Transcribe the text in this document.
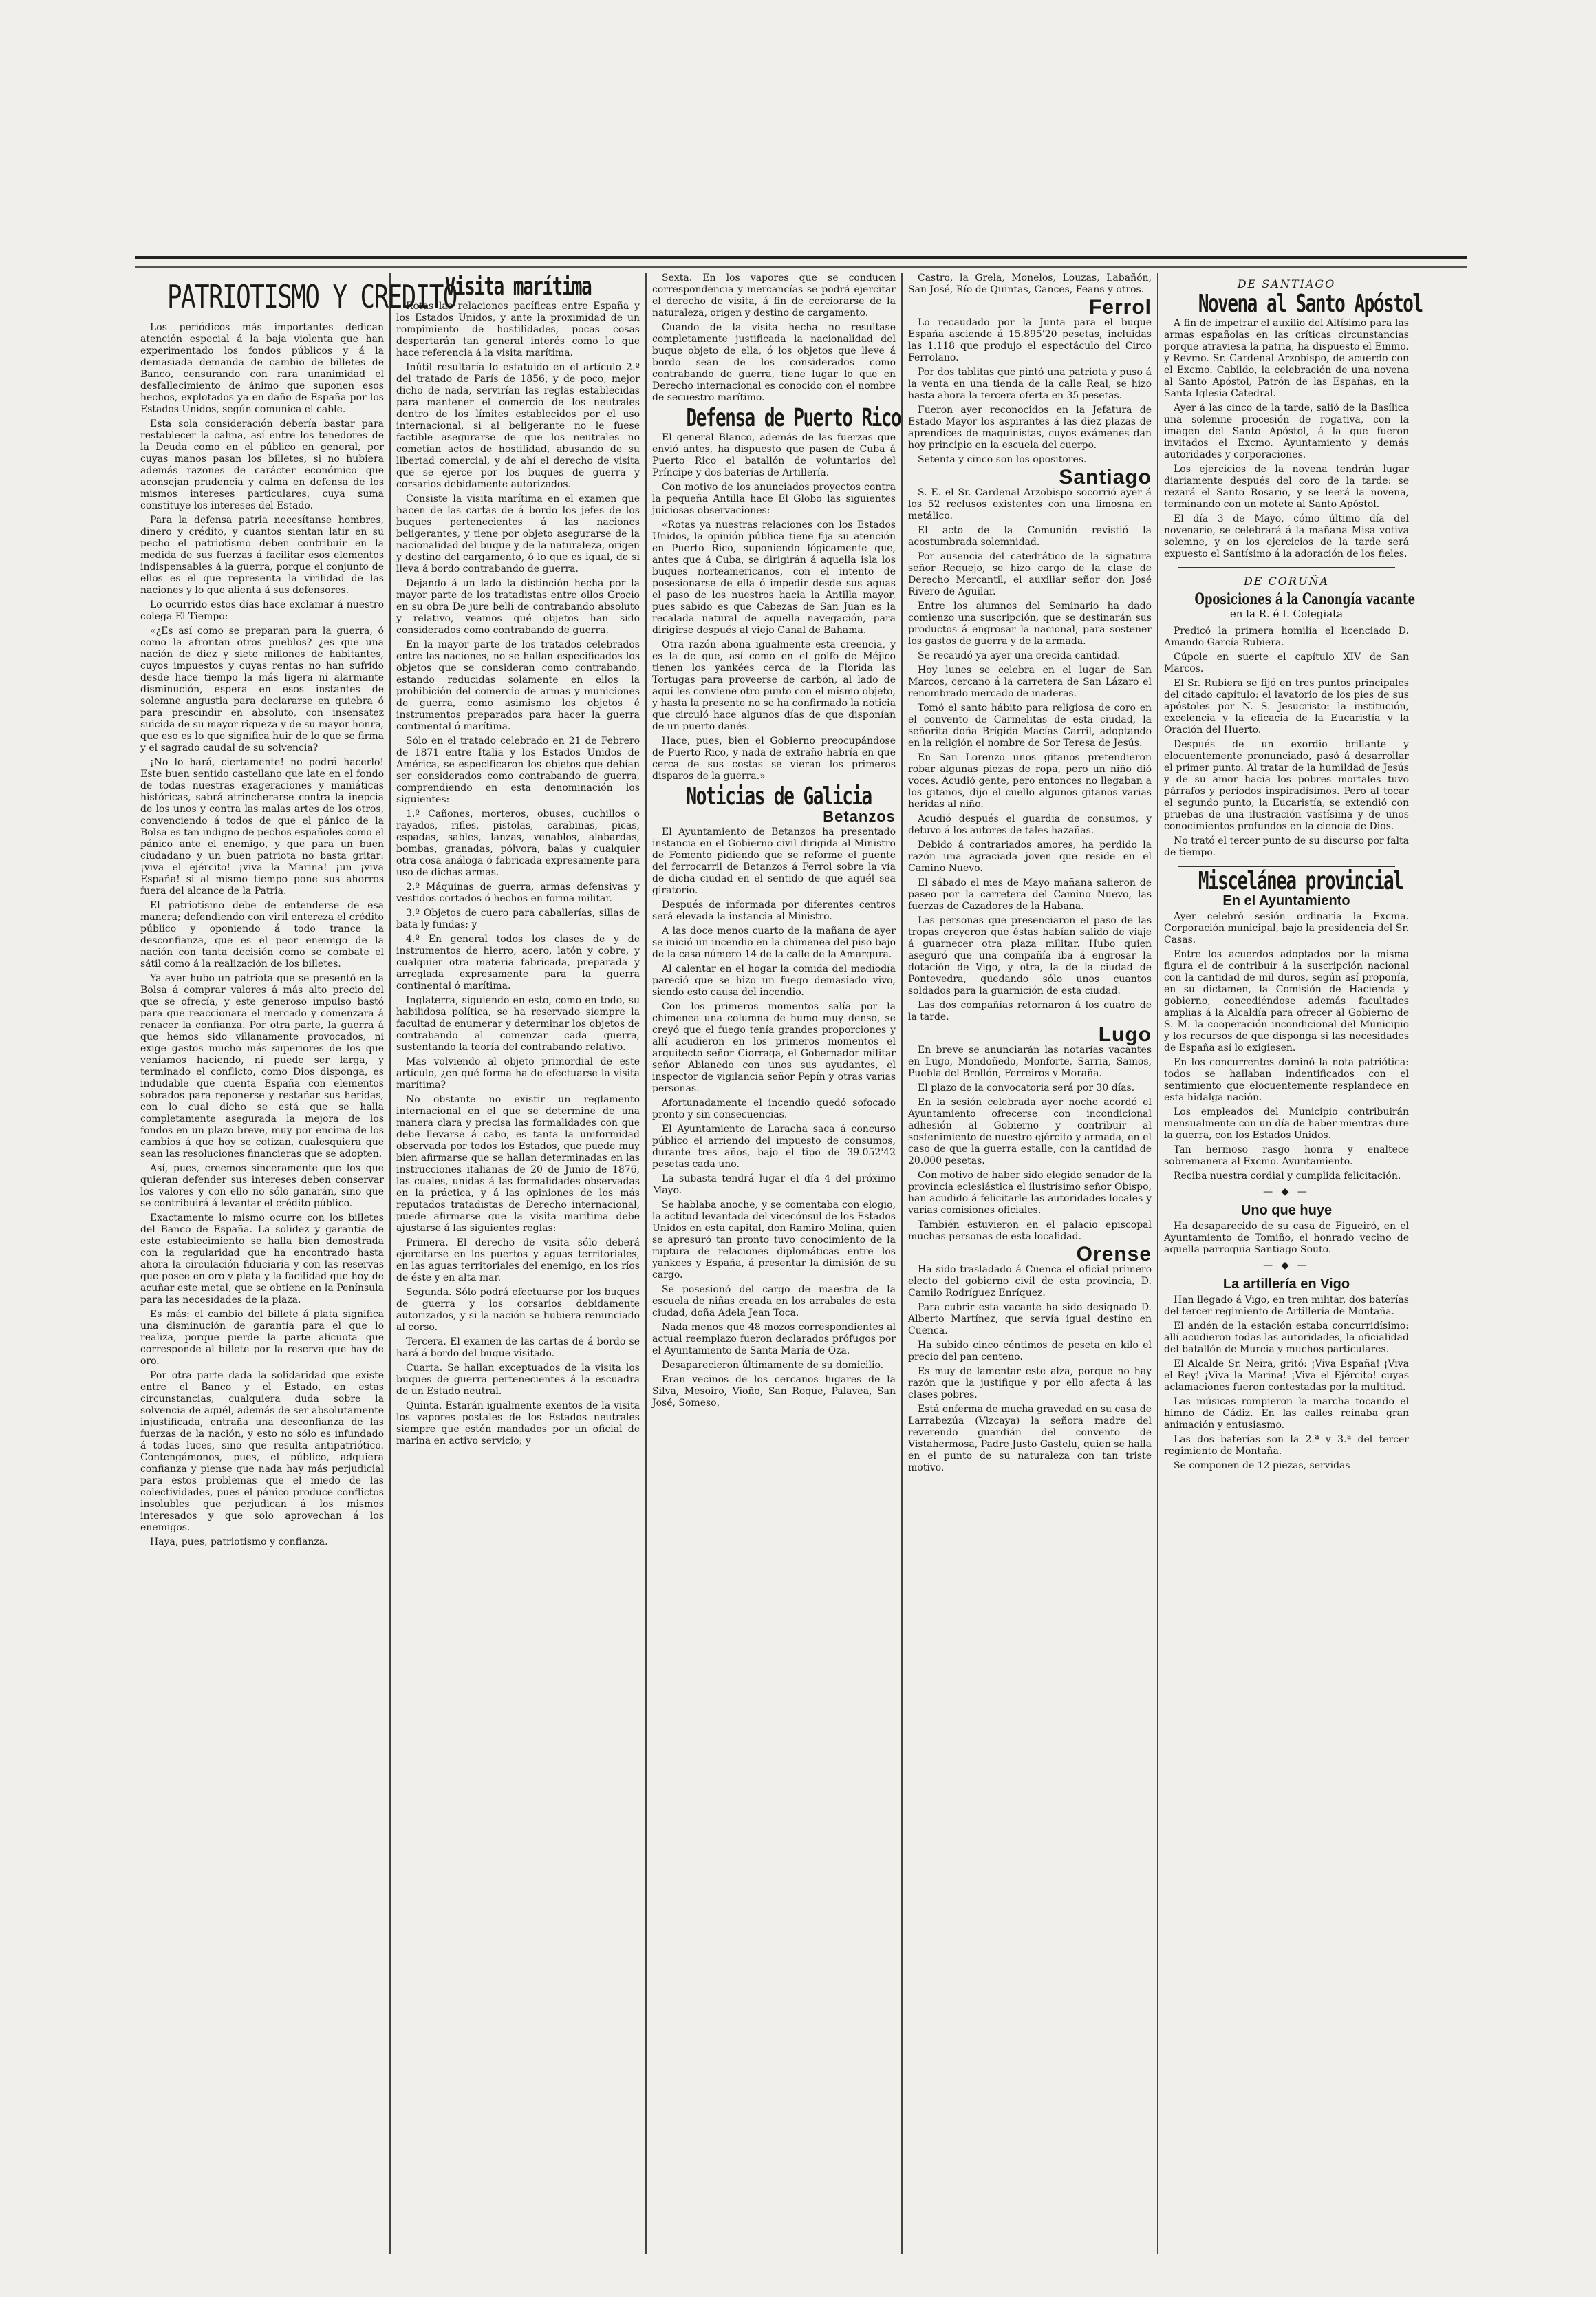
PATRIOTISMO Y CREDITO

Los periódicos más importantes dedican atención especial á la baja violenta que han experimentado los fondos públicos y á la demasiada demanda de cambio de billetes de Banco, censurando con rara unanimidad el desfallecimiento de ánimo que suponen esos hechos, explotados ya en daño de España por los Estados Unidos, según comunica el cable.

Esta sola consideración debería bastar para restablecer la calma, así entre los tenedores de la Deuda como en el público en general, por cuyas manos pasan los billetes, si no hubiera además razones de carácter económico que aconsejan prudencia y calma en defensa de los mismos intereses particulares, cuya suma constituye los intereses del Estado.

Para la defensa patria necesítanse hombres, dinero y crédito, y cuantos sientan latir en su pecho el patriotismo deben contribuir en la medida de sus fuerzas á facilitar esos elementos indispensables á la guerra, porque el conjunto de ellos es el que representa la virilidad de las naciones y lo que alienta á sus defensores.

Lo ocurrido estos días hace exclamar á nuestro colega El Tiempo:

«¿Es así como se preparan para la guerra, ó como la afrontan otros pueblos? ¿es que una nación de diez y siete millones de habitantes, cuyos impuestos y cuyas rentas no han sufrido desde hace tiempo la más ligera ni alarmante disminución, espera en esos instantes de solemne angustia para declararse en quiebra ó para prescindir en absoluto, con insensatez suicida de su mayor riqueza y de su mayor honra, que eso es lo que significa huir de lo que se firma y el sagrado caudal de su solvencia?

¡No lo hará, ciertamente! no podrá hacerlo! Este buen sentido castellano que late en el fondo de todas nuestras exageraciones y maniáticas históricas, sabrá atrincherarse contra la inepcia de los unos y contra las malas artes de los otros, convenciendo á todos de que el pánico de la Bolsa es tan indigno de pechos españoles como el pánico ante el enemigo, y que para un buen ciudadano y un buen patriota no basta gritar: ¡viva el ejército! ¡viva la Marina! ¡un ¡viva España! si al mismo tiempo pone sus ahorros fuera del alcance de la Patria.

El patriotismo debe de entenderse de esa manera; defendiendo con viril entereza el crédito público y oponiendo á todo trance la desconfianza, que es el peor enemigo de la nación con tanta decisión como se combate el sátil como á la realización de los billetes.

Ya ayer hubo un patriota que se presentó en la Bolsa á comprar valores á más alto precio del que se ofrecía, y este generoso impulso bastó para que reaccionara el mercado y comenzara á renacer la confianza. Por otra parte, la guerra á que hemos sido villanamente provocados, ni exige gastos mucho más superiores de los que veníamos haciendo, ni puede ser larga, y terminado el conflicto, como Dios disponga, es indudable que cuenta España con elementos sobrados para reponerse y restañar sus heridas, con lo cual dicho se está que se halla completamente asegurada la mejora de los fondos en un plazo breve, muy por encima de los cambios á que hoy se cotizan, cualesquiera que sean las resoluciones financieras que se adopten.

Así, pues, creemos sinceramente que los que quieran defender sus intereses deben conservar los valores y con ello no sólo ganarán, sino que se contribuirá á levantar el crédito público.

Exactamente lo mismo ocurre con los billetes del Banco de España. La solidez y garantía de este establecimiento se halla bien demostrada con la regularidad que ha encontrado hasta ahora la circulación fiduciaria y con las reservas que posee en oro y plata y la facilidad que hoy de acuñar este metal, que se obtiene en la Península para las necesidades de la plaza.

Es más: el cambio del billete á plata significa una disminución de garantía para el que lo realiza, porque pierde la parte alícuota que corresponde al billete por la reserva que hay de oro.

Por otra parte dada la solidaridad que existe entre el Banco y el Estado, en estas circunstancias, cualquiera duda sobre la solvencia de aquél, además de ser absolutamente injustificada, entraña una desconfianza de las fuerzas de la nación, y esto no sólo es infundado á todas luces, sino que resulta antipatriótico. Contengámonos, pues, el público, adquiera confianza y piense que nada hay más perjudicial para estos problemas que el miedo de las colectividades, pues el pánico produce conflictos insolubles que perjudican á los mismos interesados y que solo aprovechan á los enemigos.

Haya, pues, patriotismo y confianza.

Visita marítima

Rotas las relaciones pacíficas entre España y los Estados Unidos, y ante la proximidad de un rompimiento de hostilidades, pocas cosas despertarán tan general interés como lo que hace referencia á la visita marítima.

Inútil resultaría lo estatuido en el artículo 2.º del tratado de París de 1856, y de poco, mejor dicho de nada, servirían las reglas establecidas para mantener el comercio de los neutrales dentro de los límites establecidos por el uso internacional, si al beligerante no le fuese factible asegurarse de que los neutrales no cometían actos de hostilidad, abusando de su libertad comercial, y de ahí el derecho de visita que se ejerce por los buques de guerra y corsarios debidamente autorizados.

Consiste la visita marítima en el examen que hacen de las cartas de á bordo los jefes de los buques pertenecientes á las naciones beligerantes, y tiene por objeto asegurarse de la nacionalidad del buque y de la naturaleza, origen y destino del cargamento, ó lo que es igual, de si lleva á bordo contrabando de guerra.

Dejando á un lado la distinción hecha por la mayor parte de los tratadistas entre ollos Grocio en su obra De jure belli de contrabando absoluto y relativo, veamos qué objetos han sido considerados como contrabando de guerra.

En la mayor parte de los tratados celebrados entre las naciones, no se hallan especificados los objetos que se consideran como contrabando, estando reducidas solamente en ellos la prohibición del comercio de armas y municiones de guerra, como asimismo los objetos é instrumentos preparados para hacer la guerra continental ó marítima.

Sólo en el tratado celebrado en 21 de Febrero de 1871 entre Italia y los Estados Unidos de América, se especificaron los objetos que debían ser considerados como contrabando de guerra, comprendiendo en esta denominación los siguientes:

1.º Cañones, morteros, obuses, cuchillos o rayados, rifles, pistolas, carabinas, picas, espadas, sables, lanzas, venablos, alabardas, bombas, granadas, pólvora, balas y cualquier otra cosa análoga ó fabricada expresamente para uso de dichas armas.

2.º Máquinas de guerra, armas defensivas y vestidos cortados ó hechos en forma militar.

3.º Objetos de cuero para caballerías, sillas de bata ly fundas; y

4.º En general todos los clases de y de instrumentos de hierro, acero, latón y cobre, y cualquier otra materia fabricada, preparada y arreglada expresamente para la guerra continental ó marítima.

Inglaterra, siguiendo en esto, como en todo, su habilidosa política, se ha reservado siempre la facultad de enumerar y determinar los objetos de contrabando al comenzar cada guerra, sustentando la teoría del contrabando relativo.

Mas volviendo al objeto primordial de este artículo, ¿en qué forma ha de efectuarse la visita marítima?

No obstante no existir un reglamento internacional en el que se determine de una manera clara y precisa las formalidades con que debe llevarse á cabo, es tanta la uniformidad observada por todos los Estados, que puede muy bien afirmarse que se hallan determinadas en las instrucciones italianas de 20 de Junio de 1876, las cuales, unidas á las formalidades observadas en la práctica, y á las opiniones de los más reputados tratadistas de Derecho internacional, puede afirmarse que la visita marítima debe ajustarse á las siguientes reglas:

Primera. El derecho de visita sólo deberá ejercitarse en los puertos y aguas territoriales, en las aguas territoriales del enemigo, en los ríos de éste y en alta mar.

Segunda. Sólo podrá efectuarse por los buques de guerra y los corsarios debidamente autorizados, y si la nación se hubiera renunciado al corso.

Tercera. El examen de las cartas de á bordo se hará á bordo del buque visitado.

Cuarta. Se hallan exceptuados de la visita los buques de guerra pertenecientes á la escuadra de un Estado neutral.

Quinta. Estarán igualmente exentos de la visita los vapores postales de los Estados neutrales siempre que estén mandados por un oficial de marina en activo servicio; y

Sexta. En los vapores que se conducen correspondencia y mercancías se podrá ejercitar el derecho de visita, á fin de cerciorarse de la naturaleza, origen y destino de cargamento.

Cuando de la visita hecha no resultase completamente justificada la nacionalidad del buque objeto de ella, ó los objetos que lleve á bordo sean de los considerados como contrabando de guerra, tiene lugar lo que en Derecho internacional es conocido con el nombre de secuestro marítimo.

Defensa de Puerto Rico

El general Blanco, además de las fuerzas que envió antes, ha dispuesto que pasen de Cuba á Puerto Rico el batallón de voluntarios del Príncipe y dos baterías de Artillería.

Con motivo de los anunciados proyectos contra la pequeña Antilla hace El Globo las siguientes juiciosas observaciones:

«Rotas ya nuestras relaciones con los Estados Unidos, la opinión pública tiene fija su atención en Puerto Rico, suponiendo lógicamente que, antes que á Cuba, se dirigirán á aquella isla los buques norteamericanos, con el intento de posesionarse de ella ó impedir desde sus aguas el paso de los nuestros hacia la Antilla mayor, pues sabido es que Cabezas de San Juan es la recalada natural de aquella navegación, para dirigirse después al viejo Canal de Bahama.

Otra razón abona igualmente esta creencia, y es la de que, así como en el golfo de Méjico tienen los yankées cerca de la Florida las Tortugas para proveerse de carbón, al lado de aquí les conviene otro punto con el mismo objeto, y hasta la presente no se ha confirmado la noticia que circuló hace algunos días de que disponían de un puerto danés.

Hace, pues, bien el Gobierno preocupándose de Puerto Rico, y nada de extraño habría en que cerca de sus costas se vieran los primeros disparos de la guerra.»

Noticias de Galicia
Betanzos

El Ayuntamiento de Betanzos ha presentado instancia en el Gobierno civil dirigida al Ministro de Fomento pidiendo que se reforme el puente del ferrocarril de Betanzos á Ferrol sobre la vía de dicha ciudad en el sentido de que aquél sea giratorio.

Después de informada por diferentes centros será elevada la instancia al Ministro.

A las doce menos cuarto de la mañana de ayer se inició un incendio en la chimenea del piso bajo de la casa número 14 de la calle de la Amargura.

Al calentar en el hogar la comida del mediodía pareció que se hizo un fuego demasiado vivo, siendo esto causa del incendio.

Con los primeros momentos salía por la chimenea una columna de humo muy denso, se creyó que el fuego tenía grandes proporciones y allí acudieron en los primeros momentos el arquitecto señor Ciorraga, el Gobernador militar señor Ablanedo con unos sus ayudantes, el inspector de vigilancia señor Pepín y otras varias personas.

Afortunadamente el incendio quedó sofocado pronto y sin consecuencias.

El Ayuntamiento de Laracha saca á concurso público el arriendo del impuesto de consumos, durante tres años, bajo el tipo de 39.052'42 pesetas cada uno.

La subasta tendrá lugar el día 4 del próximo Mayo.

Se hablaba anoche, y se comentaba con elogio, la actitud levantada del vicecónsul de los Estados Unidos en esta capital, don Ramiro Molina, quien se apresuró tan pronto tuvo conocimiento de la ruptura de relaciones diplomáticas entre los yankees y España, á presentar la dimisión de su cargo.

Se posesionó del cargo de maestra de la escuela de niñas creada en los arrabales de esta ciudad, doña Adela Jean Toca.

Nada menos que 48 mozos correspondientes al actual reemplazo fueron declarados prófugos por el Ayuntamiento de Santa María de Oza.

Desaparecieron últimamente de su domicilio.

Eran vecinos de los cercanos lugares de la Silva, Mesoiro, Vioño, San Roque, Palavea, San José, Someso,

Castro, la Grela, Monelos, Louzas, Labañón, San José, Río de Quintas, Cances, Feans y otros.

Ferrol

Lo recaudado por la Junta para el buque España asciende á 15.895'20 pesetas, incluidas las 1.118 que produjo el espectáculo del Circo Ferrolano.

Por dos tablitas que pintó una patriota y puso á la venta en una tienda de la calle Real, se hizo hasta ahora la tercera oferta en 35 pesetas.

Fueron ayer reconocidos en la Jefatura de Estado Mayor los aspirantes á las diez plazas de aprendices de maquinistas, cuyos exámenes dan hoy principio en la escuela del cuerpo.

Setenta y cinco son los opositores.

Santiago

S. E. el Sr. Cardenal Arzobispo socorrió ayer á los 52 reclusos existentes con una limosna en metálico.

El acto de la Comunión revistió la acostumbrada solemnidad.

Por ausencia del catedrático de la signatura señor Requejo, se hizo cargo de la clase de Derecho Mercantil, el auxiliar señor don José Rivero de Aguilar.

Entre los alumnos del Seminario ha dado comienzo una suscripción, que se destinarán sus productos á engrosar la nacional, para sostener los gastos de guerra y de la armada.

Se recaudó ya ayer una crecida cantidad.

Hoy lunes se celebra en el lugar de San Marcos, cercano á la carretera de San Lázaro el renombrado mercado de maderas.

Tomó el santo hábito para religiosa de coro en el convento de Carmelitas de esta ciudad, la señorita doña Brígida Macías Carril, adoptando en la religión el nombre de Sor Teresa de Jesús.

En San Lorenzo unos gitanos pretendieron robar algunas piezas de ropa, pero un niño dió voces. Acudió gente, pero entonces no llegaban a los gitanos, dijo el cuello algunos gitanos varias heridas al niño.

Acudió después el guardia de consumos, y detuvo á los autores de tales hazañas.

Debido á contrariados amores, ha perdido la razón una agraciada joven que reside en el Camino Nuevo.

El sábado el mes de Mayo mañana salieron de paseo por la carretera del Camino Nuevo, las fuerzas de Cazadores de la Habana.

Las personas que presenciaron el paso de las tropas creyeron que éstas habían salido de viaje á guarnecer otra plaza militar. Hubo quien aseguró que una compañía iba á engrosar la dotación de Vigo, y otra, la de la ciudad de Pontevedra, quedando sólo unos cuantos soldados para la guarnición de esta ciudad.

Las dos compañías retornaron á los cuatro de la tarde.

Lugo

En breve se anunciarán las notarías vacantes en Lugo, Mondoñedo, Monforte, Sarria, Samos, Puebla del Brollón, Ferreiros y Moraña.

El plazo de la convocatoria será por 30 días.

En la sesión celebrada ayer noche acordó el Ayuntamiento ofrecerse con incondicional adhesión al Gobierno y contribuir al sostenimiento de nuestro ejército y armada, en el caso de que la guerra estalle, con la cantidad de 20.000 pesetas.

Con motivo de haber sido elegido senador de la provincia eclesiástica el ilustrísimo señor Obispo, han acudido á felicitarle las autoridades locales y varias comisiones oficiales.

También estuvieron en el palacio episcopal muchas personas de esta localidad.

Orense

Ha sido trasladado á Cuenca el oficial primero electo del gobierno civil de esta provincia, D. Camilo Rodríguez Enríquez.

Para cubrir esta vacante ha sido designado D. Alberto Martínez, que servía igual destino en Cuenca.

Ha subido cinco céntimos de peseta en kilo el precio del pan centeno.

Es muy de lamentar este alza, porque no hay razón que la justifique y por ello afecta á las clases pobres.

Está enferma de mucha gravedad en su casa de Larrabezúa (Vizcaya) la señora madre del reverendo guardián del convento de Vistahermosa, Padre Justo Gastelu, quien se halla en el punto de su naturaleza con tan triste motivo.

DE SANTIAGO
Novena al Santo Apóstol

A fin de impetrar el auxilio del Altísimo para las armas españolas en las críticas circunstancias porque atraviesa la patria, ha dispuesto el Emmo. y Revmo. Sr. Cardenal Arzobispo, de acuerdo con el Excmo. Cabildo, la celebración de una novena al Santo Apóstol, Patrón de las Españas, en la Santa Iglesia Catedral.

Ayer á las cinco de la tarde, salió de la Basílica una solemne procesión de rogativa, con la imagen del Santo Apóstol, á la que fueron invitados el Excmo. Ayuntamiento y demás autoridades y corporaciones.

Los ejercicios de la novena tendrán lugar diariamente después del coro de la tarde: se rezará el Santo Rosario, y se leerá la novena, terminando con un motete al Santo Apóstol.

El día 3 de Mayo, cómo último día del novenario, se celebrará á la mañana Misa votiva solemne, y en los ejercicios de la tarde será expuesto el Santísimo á la adoración de los fieles.

DE CORUÑA
Oposiciones á la Canongía vacante
en la R. é I. Colegiata

Predicó la primera homilía el licenciado D. Amando García Rubiera.

Cúpole en suerte el capítulo XIV de San Marcos.

El Sr. Rubiera se fijó en tres puntos principales del citado capítulo: el lavatorio de los pies de sus apóstoles por N. S. Jesucristo: la institución, excelencia y la eficacia de la Eucaristía y la Oración del Huerto.

Después de un exordio brillante y elocuentemente pronunciado, pasó á desarrollar el primer punto. Al tratar de la humildad de Jesús y de su amor hacia los pobres mortales tuvo párrafos y períodos inspiradísimos. Pero al tocar el segundo punto, la Eucaristía, se extendió con pruebas de una ilustración vastísima y de unos conocimientos profundos en la ciencia de Dios.

No trató el tercer punto de su discurso por falta de tiempo.

Miscelánea provincial
En el Ayuntamiento

Ayer celebró sesión ordinaria la Excma. Corporación municipal, bajo la presidencia del Sr. Casas.

Entre los acuerdos adoptados por la misma figura el de contribuir á la suscripción nacional con la cantidad de mil duros, según así proponía, en su dictamen, la Comisión de Hacienda y gobierno, concediéndose además facultades amplias á la Alcaldía para ofrecer al Gobierno de S. M. la cooperación incondicional del Municipio y los recursos de que disponga si las necesidades de España así lo exigiesen.

En los concurrentes dominó la nota patriótica: todos se hallaban indentificados con el sentimiento que elocuentemente resplandece en esta hidalga nación.

Los empleados del Municipio contribuirán mensualmente con un día de haber mientras dure la guerra, con los Estados Unidos.

Tan hermoso rasgo honra y enaltece sobremanera al Excmo. Ayuntamiento.

Reciba nuestra cordial y cumplida felicitación.

— ◆ —
Uno que huye

Ha desaparecido de su casa de Figueiró, en el Ayuntamiento de Tomiño, el honrado vecino de aquella parroquia Santiago Souto.

— ◆ —
La artillería en Vigo

Han llegado á Vigo, en tren militar, dos baterías del tercer regimiento de Artillería de Montaña.

El andén de la estación estaba concurridísimo: allí acudieron todas las autoridades, la oficialidad del batallón de Murcia y muchos particulares.

El Alcalde Sr. Neira, gritó: ¡Viva España! ¡Viva el Rey! ¡Viva la Marina! ¡Viva el Ejército! cuyas aclamaciones fueron contestadas por la multitud.

Las músicas rompieron la marcha tocando el himno de Cádiz. En las calles reinaba gran animación y entusiasmo.

Las dos baterías son la 2.ª y 3.ª del tercer regimiento de Montaña.

Se componen de 12 piezas, servidas
